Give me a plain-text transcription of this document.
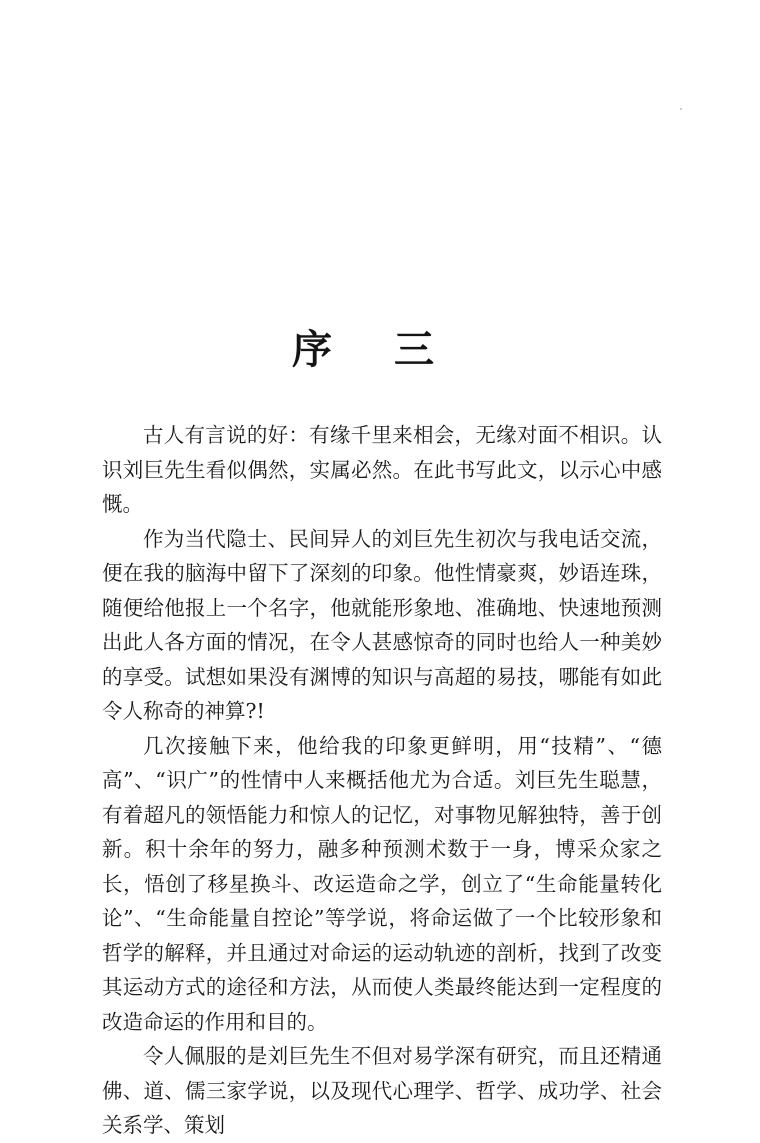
序 三

古人有言说的好：有缘千里来相会，无缘对面不相识。认识刘巨先生看似偶然，实属必然。在此书写此文，以示心中感慨。

作为当代隐士、民间异人的刘巨先生初次与我电话交流，便在我的脑海中留下了深刻的印象。他性情豪爽，妙语连珠，随便给他报上一个名字，他就能形象地、准确地、快速地预测出此人各方面的情况，在令人甚感惊奇的同时也给人一种美妙的享受。试想如果没有渊博的知识与高超的易技，哪能有如此令人称奇的神算?!

几次接触下来，他给我的印象更鲜明，用“技精”、“德高”、“识广”的性情中人来概括他尤为合适。刘巨先生聪慧，有着超凡的领悟能力和惊人的记忆，对事物见解独特，善于创新。积十余年的努力，融多种预测术数于一身，博采众家之长，悟创了移星换斗、改运造命之学，创立了“生命能量转化论”、“生命能量自控论”等学说，将命运做了一个比较形象和哲学的解释，并且通过对命运的运动轨迹的剖析，找到了改变其运动方式的途径和方法，从而使人类最终能达到一定程度的改造命运的作用和目的。

令人佩服的是刘巨先生不但对易学深有研究，而且还精通佛、道、儒三家学说，以及现代心理学、哲学、成功学、社会关系学、策划
